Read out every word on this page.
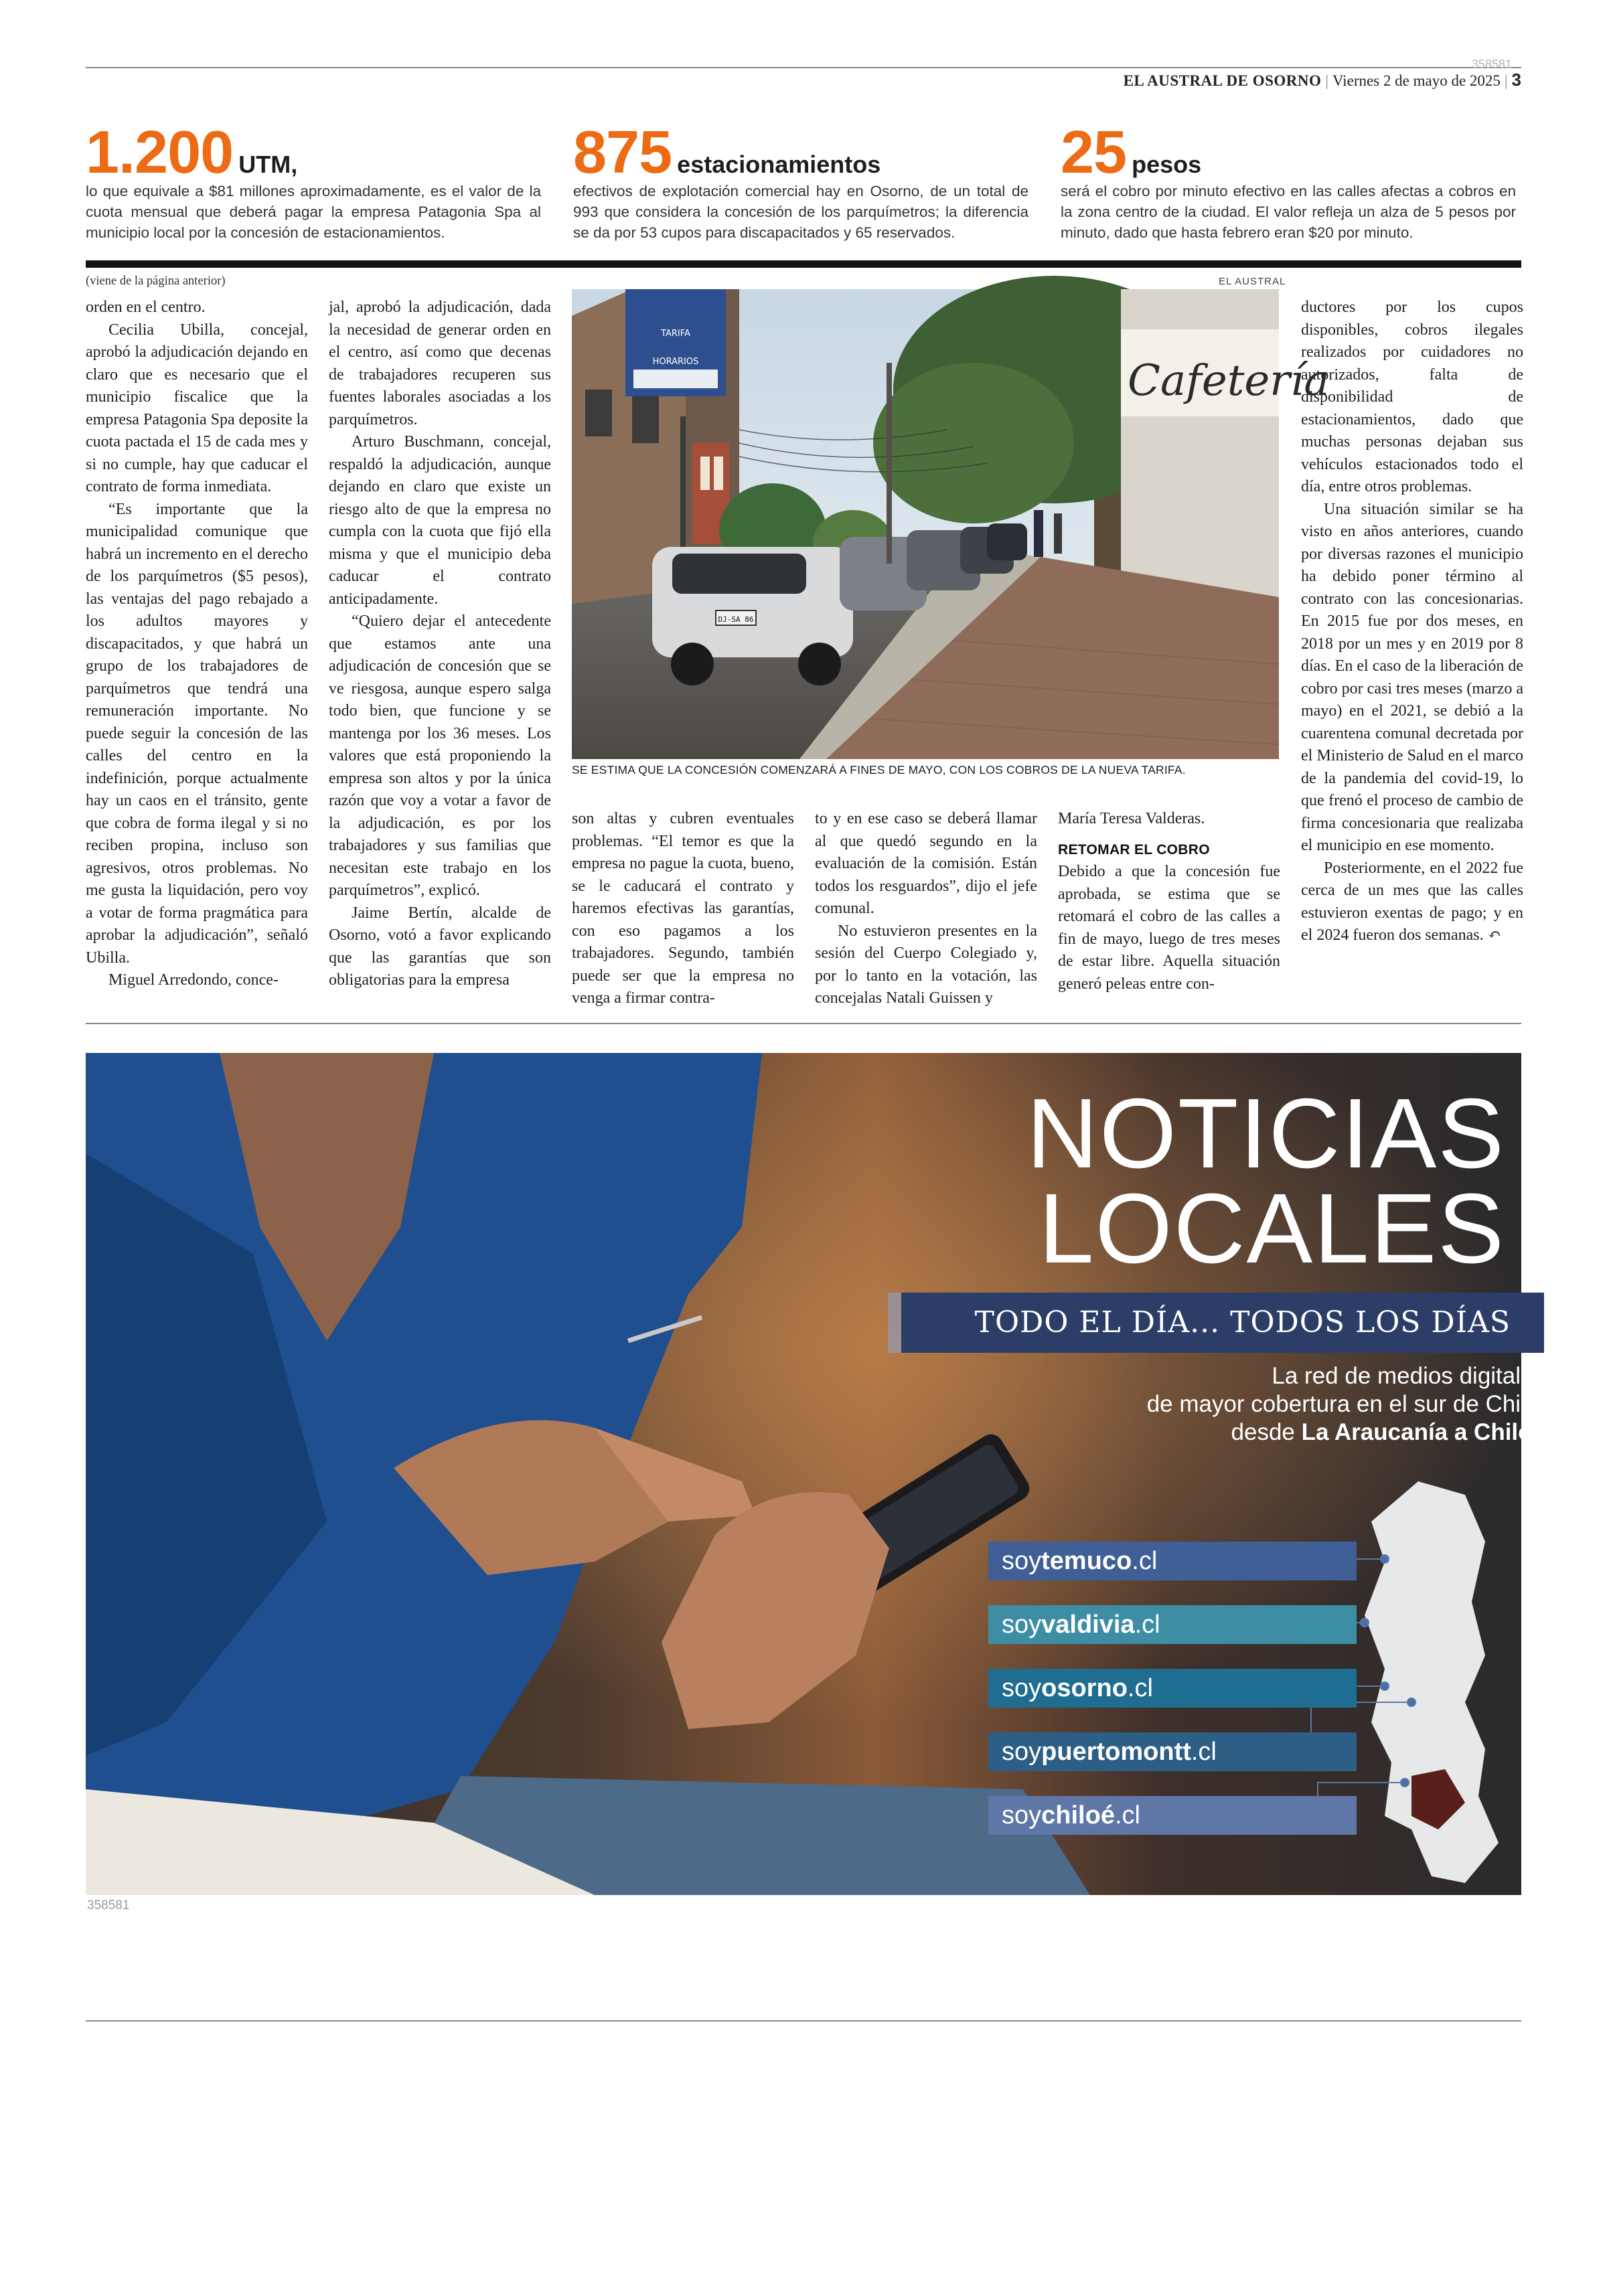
358581
EL AUSTRAL DE OSORNO | Viernes 2 de mayo de 2025 | 3
1.200 UTM,
lo que equivale a $81 millones aproximadamente, es el valor de la cuota mensual que deberá pagar la empresa Patagonia Spa al municipio local por la concesión de estacionamientos.
875 estacionamientos
efectivos de explotación comercial hay en Osorno, de un total de 993 que considera la concesión de los parquímetros; la diferencia se da por 53 cupos para discapacitados y 65 reservados.
25 pesos
será el cobro por minuto efectivo en las calles afectas a cobros en la zona centro de la ciudad. El valor refleja un alza de 5 pesos por minuto, dado que hasta febrero eran $20 por minuto.
(viene de la página anterior)	EL AUSTRAL

orden en el centro.

Cecilia Ubilla, concejal, aprobó la adjudicación dejando en claro que es necesario que el municipio fiscalice que la empresa Patagonia Spa deposite la cuota pactada el 15 de cada mes y si no cumple, hay que caducar el contrato de forma inmediata.

“Es importante que la municipalidad comunique que habrá un incremento en el derecho de los parquímetros ($5 pesos), las ventajas del pago rebajado a los adultos mayores y discapacitados, y que habrá un grupo de los trabajadores de parquímetros que tendrá una remuneración importante. No puede seguir la concesión de las calles del centro en la indefinición, porque actualmente hay un caos en el tránsito, gente que cobra de forma ilegal y si no reciben propina, incluso son agresivos, otros problemas. No me gusta la liquidación, pero voy a votar de forma pragmática para aprobar la adjudicación”, señaló Ubilla.

Miguel Arredondo, conce-

jal, aprobó la adjudicación, dada la necesidad de generar orden en el centro, así como que decenas de trabajadores recuperen sus fuentes laborales asociadas a los parquímetros.

Arturo Buschmann, concejal, respaldó la adjudicación, aunque dejando en claro que existe un riesgo alto de que la empresa no cumpla con la cuota que fijó ella misma y que el municipio deba caducar el contrato anticipadamente.

“Quiero dejar el antecedente que estamos ante una adjudicación de concesión que se ve riesgosa, aunque espero salga todo bien, que funcione y se mantenga por los 36 meses. Los valores que está proponiendo la empresa son altos y por la única razón que voy a votar a favor de la adjudicación, es por los trabajadores y sus familias que necesitan este trabajo en los parquímetros”, explicó.

Jaime Bertín, alcalde de Osorno, votó a favor explicando que las garantías que son obligatorias para la empresa

son altas y cubren eventuales problemas. “El temor es que la empresa no pague la cuota, bueno, se le caducará el contrato y haremos efectivas las garantías, con eso pagamos a los trabajadores. Segundo, también puede ser que la empresa no venga a firmar contra-

to y en ese caso se deberá llamar al que quedó segundo en la evaluación de la comisión. Están todos los resguardos”, dijo el jefe comunal.

No estuvieron presentes en la sesión del Cuerpo Colegiado y, por lo tanto en la votación, las concejalas Natali Guissen y

María Teresa Valderas.

RETOMAR EL COBRO

Debido a que la concesión fue aprobada, se estima que se retomará el cobro de las calles a fin de mayo, luego de tres meses de estar libre. Aquella situación generó peleas entre con-

ductores por los cupos disponibles, cobros ilegales realizados por cuidadores no autorizados, falta de disponibilidad de estacionamientos, dado que muchas personas dejaban sus vehículos estacionados todo el día, entre otros problemas.

Una situación similar se ha visto en años anteriores, cuando por diversas razones el municipio ha debido poner término al contrato con las concesionarias. En 2015 fue por dos meses, en 2018 por un mes y en 2019 por 8 días. En el caso de la liberación de cobro por casi tres meses (marzo a mayo) en el 2021, se debió a la cuarentena comunal decretada por el Ministerio de Salud en el marco de la pandemia del covid-19, lo que frenó el proceso de cambio de firma concesionaria que realizaba el municipio en ese momento.

Posteriormente, en el 2022 fue cerca de un mes que las calles estuvieron exentas de pago; y en el 2024 fueron dos semanas. ↶

Cafetería
TARIFA
HORARIOS
DJ-SA 86
SE ESTIMA QUE LA CONCESIÓN COMENZARÁ A FINES DE MAYO, CON LOS COBROS DE LA NUEVA TARIFA.
NOTICIAS
LOCALES
TODO EL DÍA... TODOS LOS DÍAS
La red de medios digitales
de mayor cobertura en el sur de Chile:
desde La Araucanía a Chiloé
soytemuco.cl
soyvaldivia.cl
soyosorno.cl
soypuertomontt.cl
soychiloé.cl
358581
